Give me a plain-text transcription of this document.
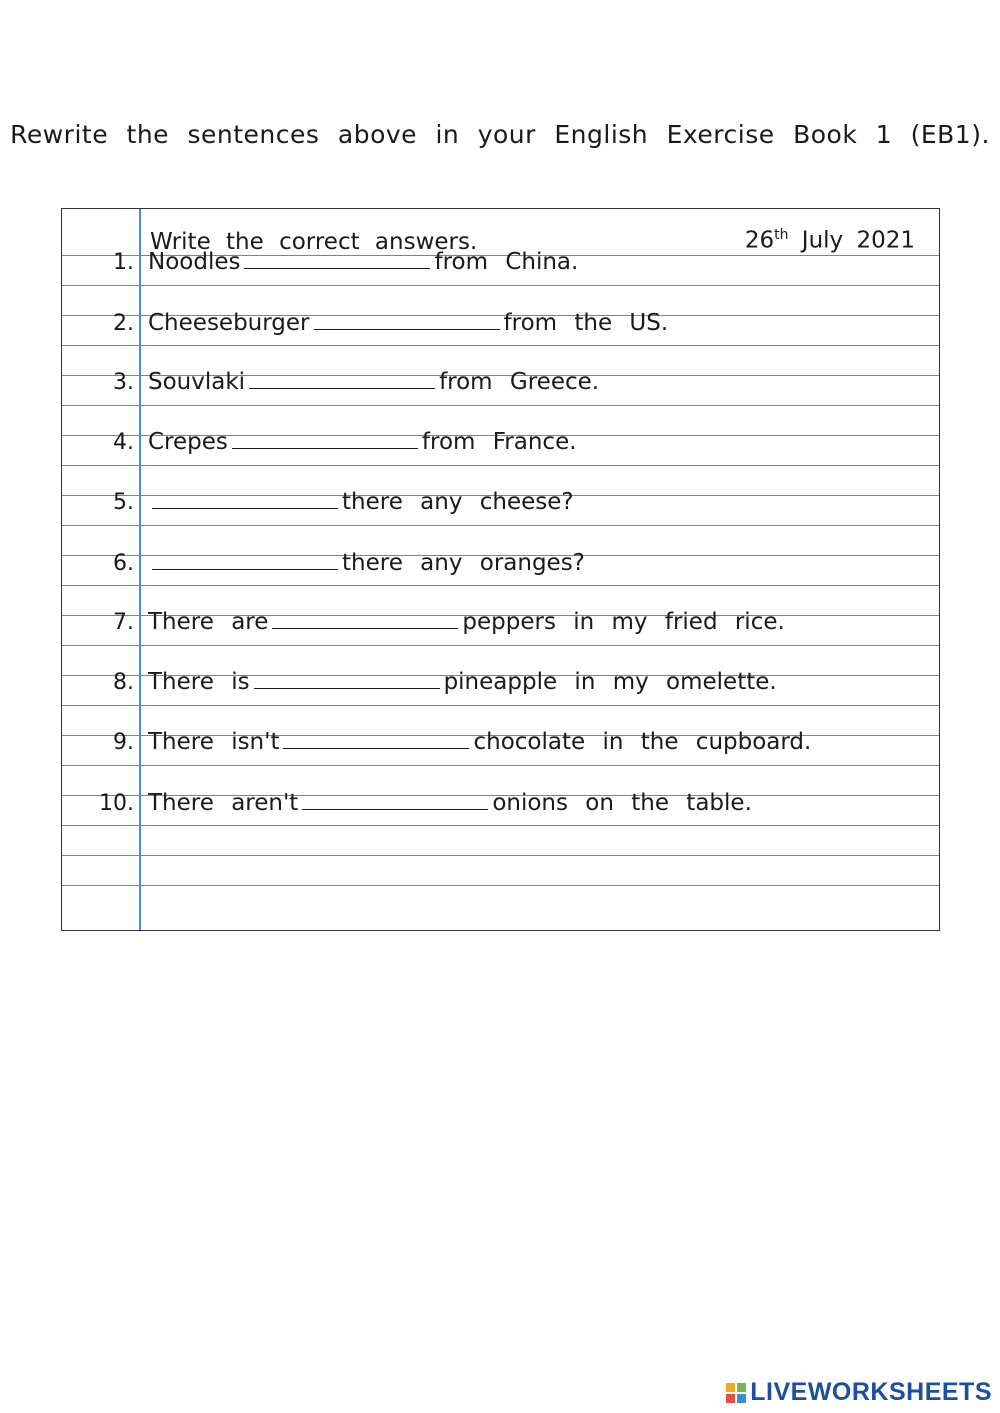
Rewrite the sentences above in your English Exercise Book 1 (EB1).
Write the correct answers.	26th July 2021
1. Noodles	from China.
2. Cheeseburger	from the US.
3. Souvlaki	from Greece.
4. Crepes	from France.
5.	there any cheese?
6.	there any oranges?
7. There are	peppers in my fried rice.
8. There is	pineapple in my omelette.
9. There isn't	chocolate in the cupboard.
10. There aren't	onions on the table.
LIVEWORKSHEETS
